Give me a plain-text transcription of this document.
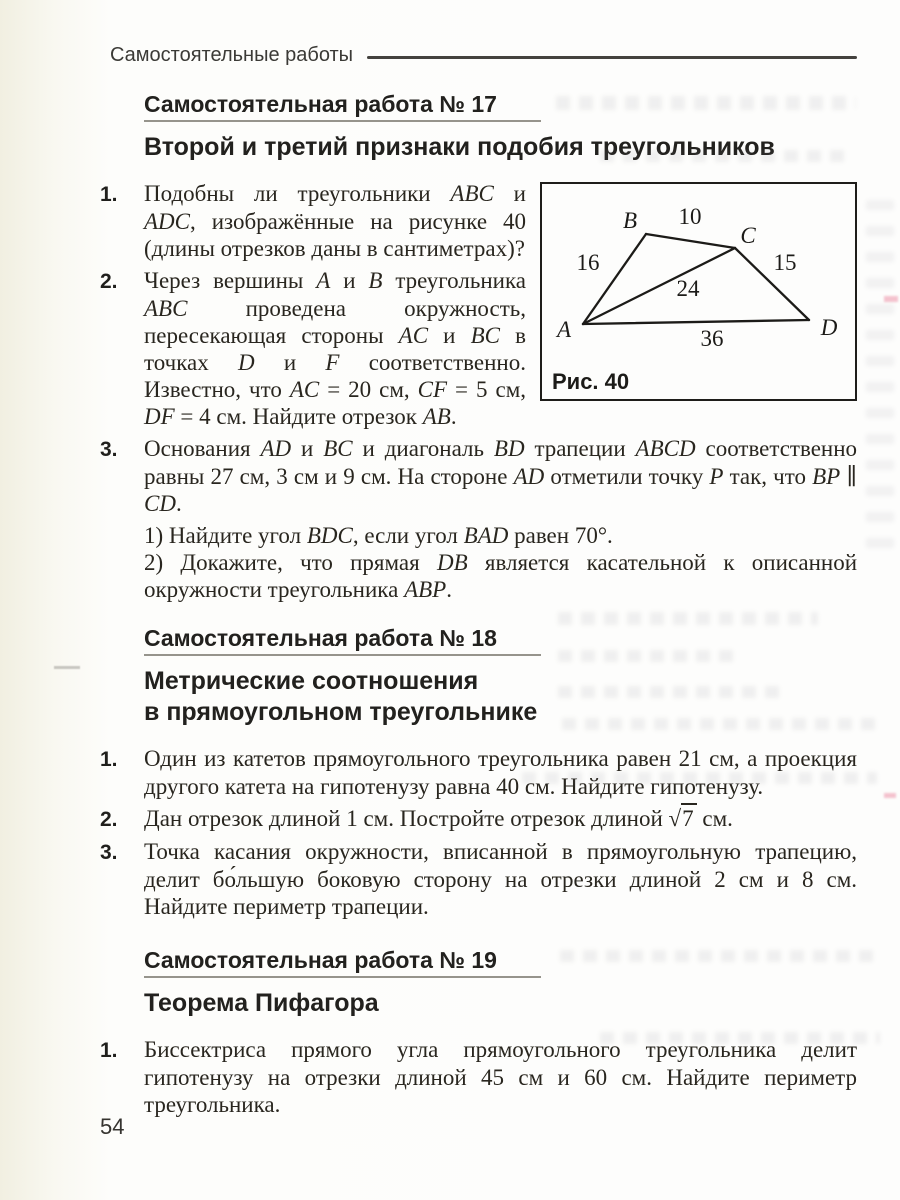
Самостоятельные работы
Самостоятельная работа № 17
Второй и третий признаки подобия треугольников
A
B
C
D
16
10
15
24
36
Рис. 40
1. Подобны ли треугольники ABC и ADC, изображённые на рисунке 40 (длины отрезков даны в сантиметрах)?
2. Через вершины A и B треугольника ABC проведена окружность, пересекающая стороны AC и BC в точках D и F соответственно. Известно, что AC = 20 см, CF = 5 см, DF = 4 см. Найдите отрезок AB.
3. Основания AD и BC и диагональ BD трапеции ABCD соответственно равны 27 см, 3 см и 9 см. На стороне AD отметили точку P так, что BP ∥ CD.
1) Найдите угол BDC, если угол BAD равен 70°.
2) Докажите, что прямая DB является касательной к описанной окружности треугольника ABP.
Самостоятельная работа № 18
Метрические соотношения
в прямоугольном треугольнике
1. Один из катетов прямоугольного треугольника равен 21 см, а проекция другого катета на гипотенузу равна 40 см. Найдите гипотенузу.
2. Дан отрезок длиной 1 см. Постройте отрезок длиной √7 см.
3. Точка касания окружности, вписанной в прямоугольную трапецию, делит бо́льшую боковую сторону на отрезки длиной 2 см и 8 см. Найдите периметр трапеции.
Самостоятельная работа № 19
Теорема Пифагора
1. Биссектриса прямого угла прямоугольного треугольника делит гипотенузу на отрезки длиной 45 см и 60 см. Найдите периметр треугольника.
54
